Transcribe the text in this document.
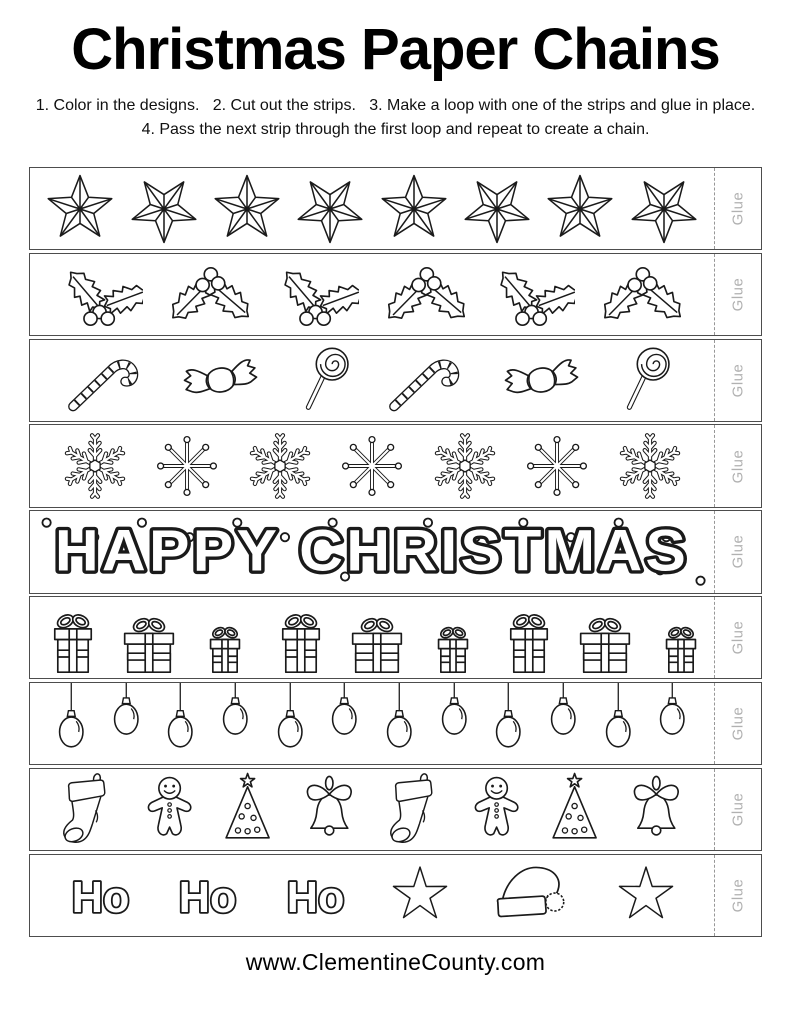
Christmas Paper Chains

1. Color in the designs.   2. Cut out the strips.   3. Make a loop with one of the strips and glue in place.

4. Pass the next strip through the first loop and repeat to create a chain.

Glue
Glue
Glue
Glue
HAPPY CHRISTMAS	Glue
Glue
Glue
Glue
Ho Ho Ho	Glue
www.ClementineCounty.com
